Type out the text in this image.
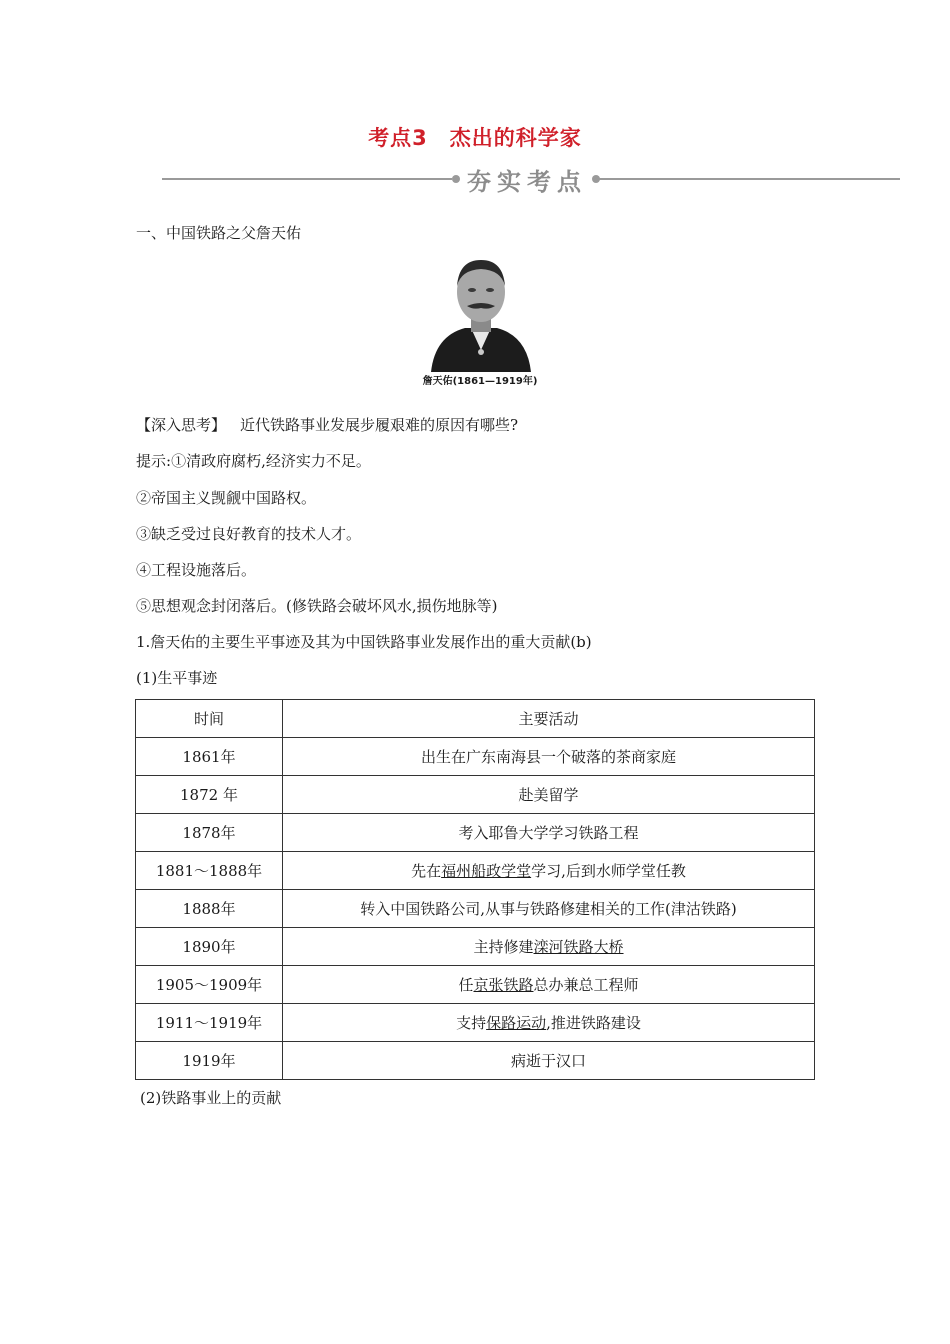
考点3　杰出的科学家
夯实考点
一、中国铁路之父詹天佑
詹天佑(1861—1919年)
【深入思考】 近代铁路事业发展步履艰难的原因有哪些?
提示:①清政府腐朽,经济实力不足。
②帝国主义觊觎中国路权。
③缺乏受过良好教育的技术人才。
④工程设施落后。
⑤思想观念封闭落后。(修铁路会破坏风水,损伤地脉等)
1.詹天佑的主要生平事迹及其为中国铁路事业发展作出的重大贡献(b)
(1)生平事迹
时间	主要活动
1861年	出生在广东南海县一个破落的茶商家庭
1872 年	赴美留学
1878年	考入耶鲁大学学习铁路工程
1881～1888年	先在福州船政学堂学习,后到水师学堂任教
1888年	转入中国铁路公司,从事与铁路修建相关的工作(津沽铁路)
1890年	主持修建滦河铁路大桥
1905～1909年	任京张铁路总办兼总工程师
1911～1919年	支持保路运动,推进铁路建设
1919年	病逝于汉口
(2)铁路事业上的贡献
